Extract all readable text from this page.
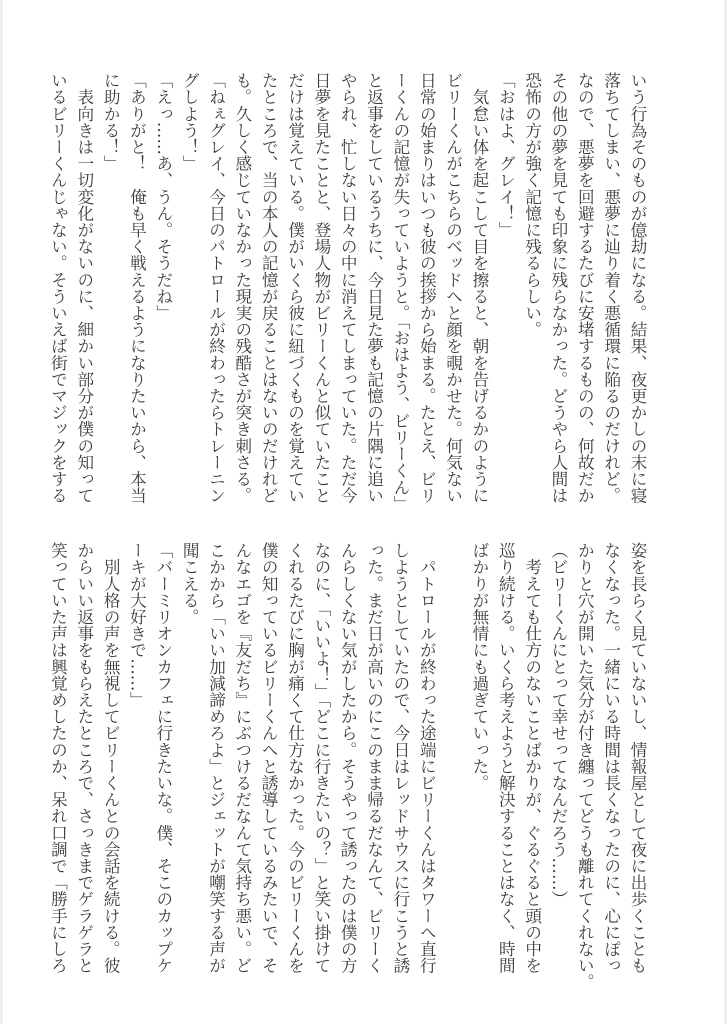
いう行為そのものが億劫になる。結果、夜更かしの末に寝
落ちてしまい、悪夢に辿り着く悪循環に陥るのだけれど。
なので、悪夢を回避するたびに安堵するものの、何故だか
その他の夢を見ても印象に残らなかった。どうやら人間は
恐怖の方が強く記憶に残るらしい。
「おはよ、グレイ！」
　気怠い体を起こして目を擦ると、朝を告げるかのように
ビリーくんがこちらのベッドへと顔を覗かせた。何気ない
日常の始まりはいつも彼の挨拶から始まる。たとえ、ビリ
ーくんの記憶が失っていようと。「おはよう、ビリーくん」
と返事をしているうちに、今日見た夢も記憶の片隅に追い
やられ、忙しない日々の中に消えてしまっていた。ただ今
日夢を見たことと、登場人物がビリーくんと似ていたこと
だけは覚えている。僕がいくら彼に紐づくものを覚えてい
たところで、当の本人の記憶が戻ることはないのだけれど
も。久しく感じていなかった現実の残酷さが突き刺さる。
「ねぇグレイ、今日のパトロールが終わったらトレーニン
グしよう！」
「えっ……あ、うん。そうだね」
「ありがと！　俺も早く戦えるようになりたいから、本当
に助かる！」
　表向きは一切変化がないのに、細かい部分が僕の知って
いるビリーくんじゃない。そういえば街でマジックをする
姿を長らく見ていないし、情報屋として夜に出歩くことも
なくなった。一緒にいる時間は長くなったのに、心にぽっ
かりと穴が開いた気分が付き纏ってどうも離れてくれない。
（ビリーくんにとって幸せってなんだろう……）
　考えても仕方のないことばかりが、ぐるぐると頭の中を
巡り続ける。いくら考えようと解決することはなく、時間
ばかりが無情にも過ぎていった。
　パトロールが終わった途端にビリーくんはタワーへ直行
しようとしていたので、今日はレッドサウスに行こうと誘
った。まだ日が高いのにこのまま帰るだなんて、ビリーく
んらしくない気がしたから。そうやって誘ったのは僕の方
なのに、「いいよ！」「どこに行きたいの？」と笑い掛けて
くれるたびに胸が痛くて仕方なかった。今のビリーくんを
僕の知っているビリーくんへと誘導しているみたいで、そ
んなエゴを『友だち』にぶつけるだなんて気持ち悪い。ど
こかから「いい加減諦めろよ」とジェットが嘲笑する声が
聞こえる。
「バーミリオンカフェに行きたいな。僕、そこのカップケ
ーキが大好きで……」
　別人格の声を無視してビリーくんとの会話を続ける。彼
からいい返事をもらえたところで、さっきまでゲラゲラと
笑っていた声は興覚めしたのか、呆れ口調で「勝手にしろ
